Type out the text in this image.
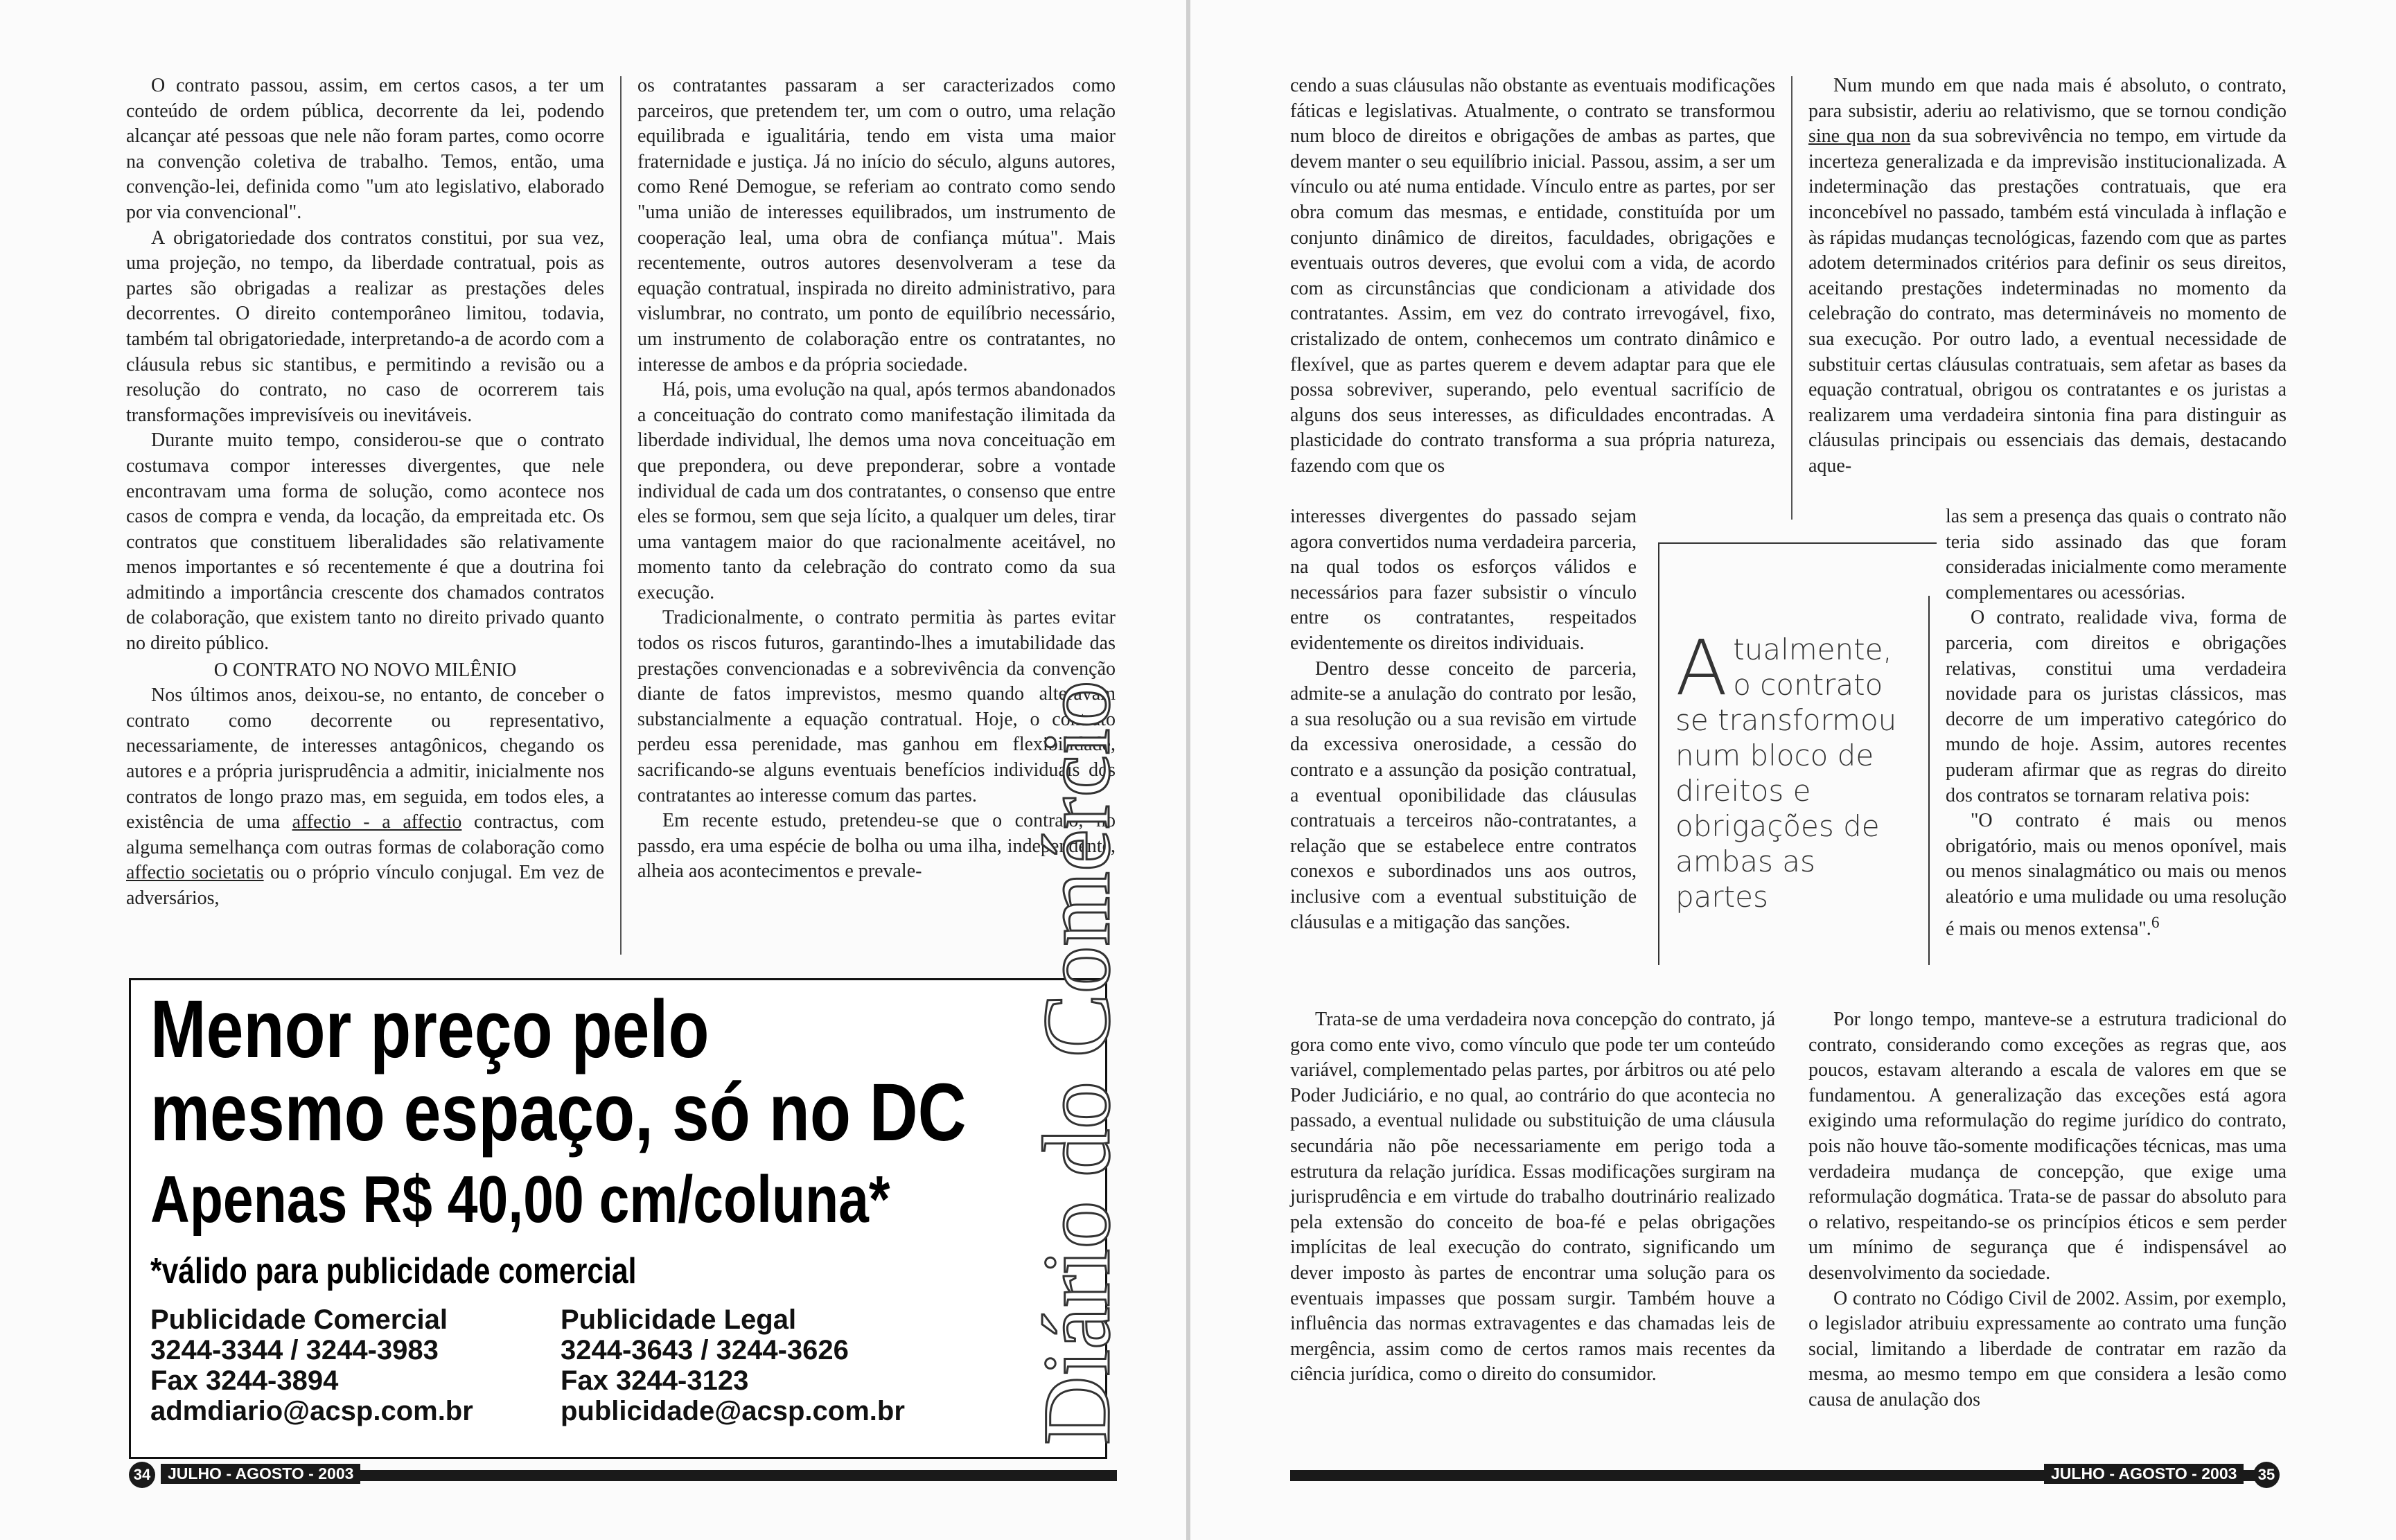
O contrato passou, assim, em certos casos, a ter um conteúdo de ordem pública, decorrente da lei, podendo alcançar até pessoas que nele não foram partes, como ocorre na convenção coletiva de trabalho. Temos, então, uma convenção-lei, definida como "um ato legislativo, elaborado por via convencional".

A obrigatoriedade dos contratos constitui, por sua vez, uma projeção, no tempo, da liberdade contratual, pois as partes são obrigadas a realizar as prestações deles decorrentes. O direito contemporâneo limitou, todavia, também tal obrigatoriedade, interpretando-a de acordo com a cláusula rebus sic stantibus, e permitindo a revisão ou a resolução do contrato, no caso de ocorrerem tais transformações imprevisíveis ou inevitáveis.

Durante muito tempo, considerou-se que o contrato costumava compor interesses divergentes, que nele encontravam uma forma de solução, como acontece nos casos de compra e venda, da locação, da empreitada etc. Os contratos que constituem liberalidades são relativamente menos importantes e só recentemente é que a doutrina foi admitindo a importância crescente dos chamados contratos de colaboração, que existem tanto no direito privado quanto no direito público.

O CONTRATO NO NOVO MILÊNIO

Nos últimos anos, deixou-se, no entanto, de conceber o contrato como decorrente ou representativo, necessariamente, de interesses antagônicos, chegando os autores e a própria jurisprudência a admitir, inicialmente nos contratos de longo prazo mas, em seguida, em todos eles, a existência de uma affectio - a affectio contractus, com alguma semelhança com outras formas de colaboração como affectio societatis ou o próprio vínculo conjugal. Em vez de adversários,

os contratantes passaram a ser caracterizados como parceiros, que pretendem ter, um com o outro, uma relação equilibrada e igualitária, tendo em vista uma maior fraternidade e justiça. Já no início do século, alguns autores, como René Demogue, se referiam ao contrato como sendo "uma união de interesses equilibrados, um instrumento de cooperação leal, uma obra de confiança mútua". Mais recentemente, outros autores desenvolveram a tese da equação contratual, inspirada no direito administrativo, para vislumbrar, no contrato, um ponto de equilíbrio necessário, um instrumento de colaboração entre os contratantes, no interesse de ambos e da própria sociedade.

Há, pois, uma evolução na qual, após termos abandonados a conceituação do contrato como manifestação ilimitada da liberdade individual, lhe demos uma nova conceituação em que prepondera, ou deve preponderar, sobre a vontade individual de cada um dos contratantes, o consenso que entre eles se formou, sem que seja lícito, a qualquer um deles, tirar uma vantagem maior do que racionalmente aceitável, no momento tanto da celebração do contrato como da sua execução.

Tradicionalmente, o contrato permitia às partes evitar todos os riscos futuros, garantindo-lhes a imutabilidade das prestações convencionadas e a sobrevivência da convenção diante de fatos imprevistos, mesmo quando alteravam substancialmente a equação contratual. Hoje, o contrato perdeu essa perenidade, mas ganhou em flexibilidade, sacrificando-se alguns eventuais benefícios individuais dos contratantes ao interesse comum das partes.

Em recente estudo, pretendeu-se que o contrato, no passdo, era uma espécie de bolha ou uma ilha, independente, alheia aos acontecimentos e prevale-

Menor preço pelo
mesmo espaço, só no DC
Apenas R$ 40,00 cm/coluna*
*válido para publicidade comercial
Publicidade Comercial
3244-3344 / 3244-3983
Fax 3244-3894
admdiario@acsp.com.br
Publicidade Legal
3244-3643 / 3244-3626
Fax 3244-3123
publicidade@acsp.com.br Diário do Comércio
34	JULHO - AGOSTO - 2003

cendo a suas cláusulas não obstante as eventuais modificações fáticas e legislativas. Atualmente, o contrato se transformou num bloco de direitos e obrigações de ambas as partes, que devem manter o seu equilíbrio inicial. Passou, assim, a ser um vínculo ou até numa entidade. Vínculo entre as partes, por ser obra comum das mesmas, e entidade, constituída por um conjunto dinâmico de direitos, faculdades, obrigações e eventuais outros deveres, que evolui com a vida, de acordo com as circunstâncias que condicionam a atividade dos contratantes. Assim, em vez do contrato irrevogável, fixo, cristalizado de ontem, conhecemos um contrato dinâmico e flexível, que as partes querem e devem adaptar para que ele possa sobreviver, superando, pelo eventual sacrifício de alguns dos seus interesses, as dificuldades encontradas. A plasticidade do contrato transforma a sua própria natureza, fazendo com que os

interesses divergentes do passado sejam agora convertidos numa verdadeira parceria, na qual todos os esforços válidos e necessários para fazer subsistir o vínculo entre os contratantes, respeitados evidentemente os direitos individuais.

Dentro desse conceito de parceria, admite-se a anulação do contrato por lesão, a sua resolução ou a sua revisão em virtude da excessiva onerosidade, a cessão do contrato e a assunção da posição contratual, a eventual oponibilidade das cláusulas contratuais a terceiros não-contratantes, a relação que se estabelece entre contratos conexos e subordinados uns aos outros, inclusive com a eventual substituição de cláusulas e a mitigação das sanções.

Trata-se de uma verdadeira nova concepção do contrato, já gora como ente vivo, como vínculo que pode ter um conteúdo variável, complementado pelas partes, por árbitros ou até pelo Poder Judiciário, e no qual, ao contrário do que acontecia no passado, a eventual nulidade ou substituição de uma cláusula secundária não põe necessariamente em perigo toda a estrutura da relação jurídica. Essas modificações surgiram na jurisprudência e em virtude do trabalho doutrinário realizado pela extensão do conceito de boa-fé e pelas obrigações implícitas de leal execução do contrato, significando um dever imposto às partes de encontrar uma solução para os eventuais impasses que possam surgir. Também houve a influência das normas extravagentes e das chamadas leis de mergência, assim como de certos ramos mais recentes da ciência jurídica, como o direito do consumidor.

Atualmente, o contrato se transformou num bloco de direitos e obrigações de ambas as partes

Num mundo em que nada mais é absoluto, o contrato, para subsistir, aderiu ao relativismo, que se tornou condição sine qua non da sua sobrevivência no tempo, em virtude da incerteza generalizada e da imprevisão institucionalizada. A indeterminação das prestações contratuais, que era inconcebível no passado, também está vinculada à inflação e às rápidas mudanças tecnológicas, fazendo com que as partes adotem determinados critérios para definir os seus direitos, aceitando prestações indeterminadas no momento da celebração do contrato, mas determináveis no momento de sua execução. Por outro lado, a eventual necessidade de substituir certas cláusulas contratuais, sem afetar as bases da equação contratual, obrigou os contratantes e os juristas a realizarem uma verdadeira sintonia fina para distinguir as cláusulas principais ou essenciais das demais, destacando aque-

las sem a presença das quais o contrato não teria sido assinado das que foram consideradas inicialmente como meramente complementares ou acessórias.

O contrato, realidade viva, forma de parceria, com direitos e obrigações relativas, constitui uma verdadeira novidade para os juristas clássicos, mas decorre de um imperativo categórico do mundo de hoje. Assim, autores recentes puderam afirmar que as regras do direito dos contratos se tornaram relativa pois:

"O contrato é mais ou menos obrigatório, mais ou menos oponível, mais ou menos sinalagmático ou mais ou menos aleatório e uma mulidade ou uma resolução é mais ou menos extensa".$^6$

Por longo tempo, manteve-se a estrutura tradicional do contrato, considerando como exceções as regras que, aos poucos, estavam alterando a escala de valores em que se fundamentou. A generalização das exceções está agora exigindo uma reformulação do regime jurídico do contrato, pois não houve tão-somente modificações técnicas, mas uma verdadeira mudança de concepção, que exige uma reformulação dogmática. Trata-se de passar do absoluto para o relativo, respeitando-se os princípios éticos e sem perder um mínimo de segurança que é indispensável ao desenvolvimento da sociedade.

O contrato no Código Civil de 2002. Assim, por exemplo, o legislador atribuiu expressamente ao contrato uma função social, limitando a liberdade de contratar em razão da mesma, ao mesmo tempo em que considera a lesão como causa de anulação dos

JULHO - AGOSTO - 2003	35
